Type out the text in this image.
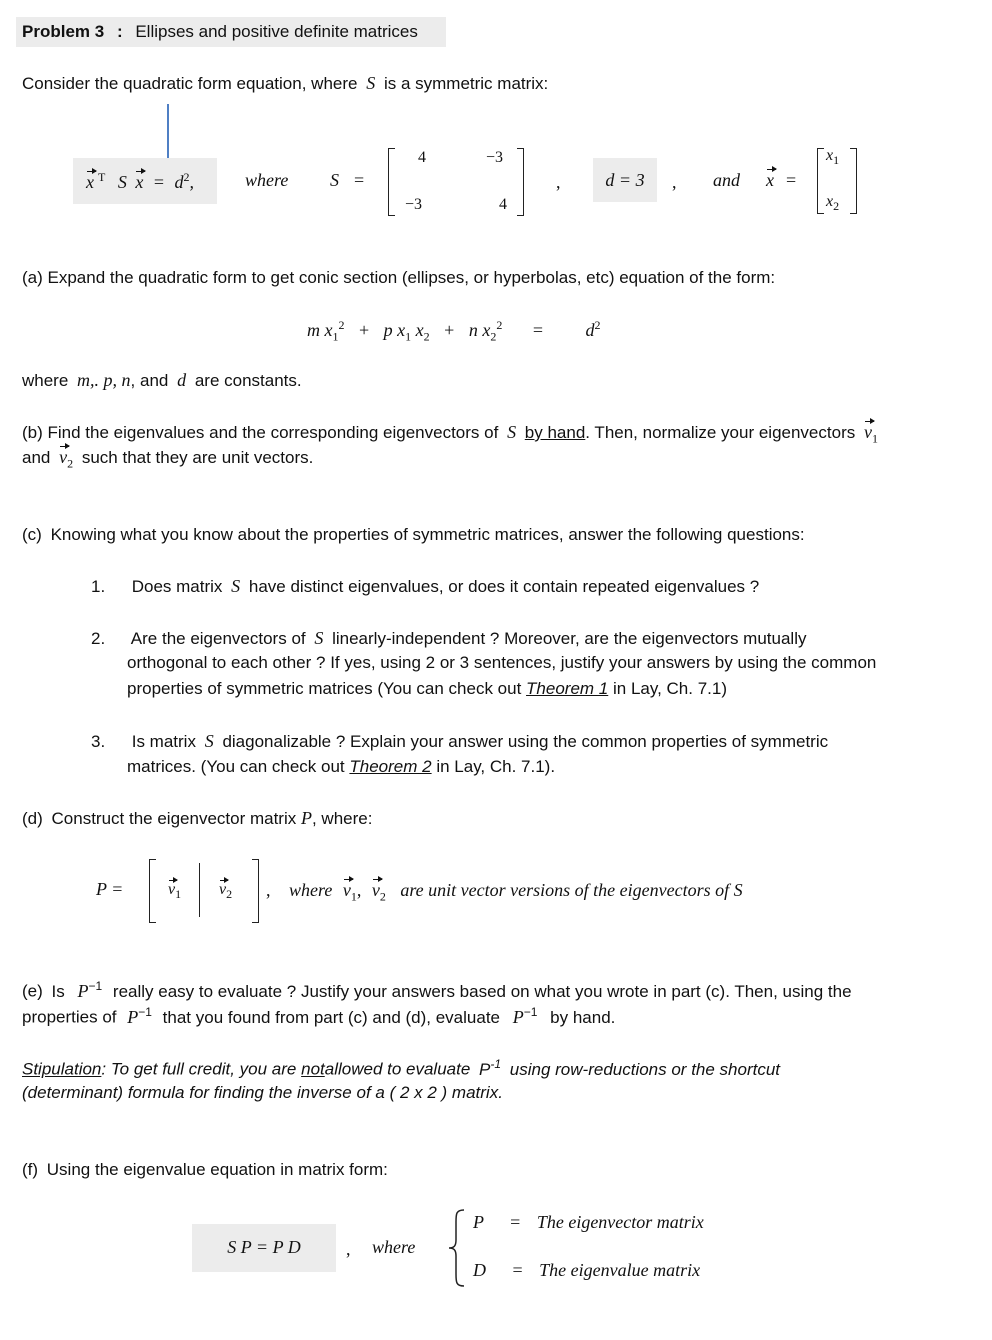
Problem 3 : Ellipses and positive definite matrices
Consider the quadratic form equation, where S is a symmetric matrix:
x $^T$ S $x = d^2$,	where S =
4	−3
−3	4
,	d = 3	, and x =
$x_1$
$x_2$
(a) Expand the quadratic form to get conic section (ellipses, or hyperbolas, etc) equation of the form:
m $x_1^2 + p$ $x_1$ $x_2 + n$ $x_2^2 = d^2$
where m,. p, n, and d are constants.
(b) Find the eigenvalues and the corresponding eigenvectors of S by hand. Then, normalize your eigenvectors $v_1$
and $v_2$ such that they are unit vectors.
(c) Knowing what you know about the properties of symmetric matrices, answer the following questions:
1. Does matrix S have distinct eigenvalues, or does it contain repeated eigenvalues ?
2. Are the eigenvectors of S linearly-independent ? Moreover, are the eigenvectors mutually
orthogonal to each other ? If yes, using 2 or 3 sentences, justify your answers by using the common
properties of symmetric matrices (You can check out Theorem 1 in Lay, Ch. 7.1)
3. Is matrix S diagonalizable ? Explain your answer using the common properties of symmetric
matrices. (You can check out Theorem 2 in Lay, Ch. 7.1).
(d) Construct the eigenvector matrix P, where:
P =	$v_1$ $v_2$ , where $v_1$, $v_2$ are unit vector versions of the eigenvectors of S
(e) Is $P^{-1}$ really easy to evaluate ? Justify your answers based on what you wrote in part (c). Then, using the
properties of $P^{-1}$ that you found from part (c) and (d), evaluate $P^{-1}$ by hand.
Stipulation: To get full credit, you are notallowed to evaluate $P^{-1}$ using row-reductions or the shortcut
(determinant) formula for finding the inverse of a ( 2 x 2 ) matrix.
(f) Using the eigenvalue equation in matrix form:
S P = P D	, where
P = The eigenvector matrix
D = The eigenvalue matrix
